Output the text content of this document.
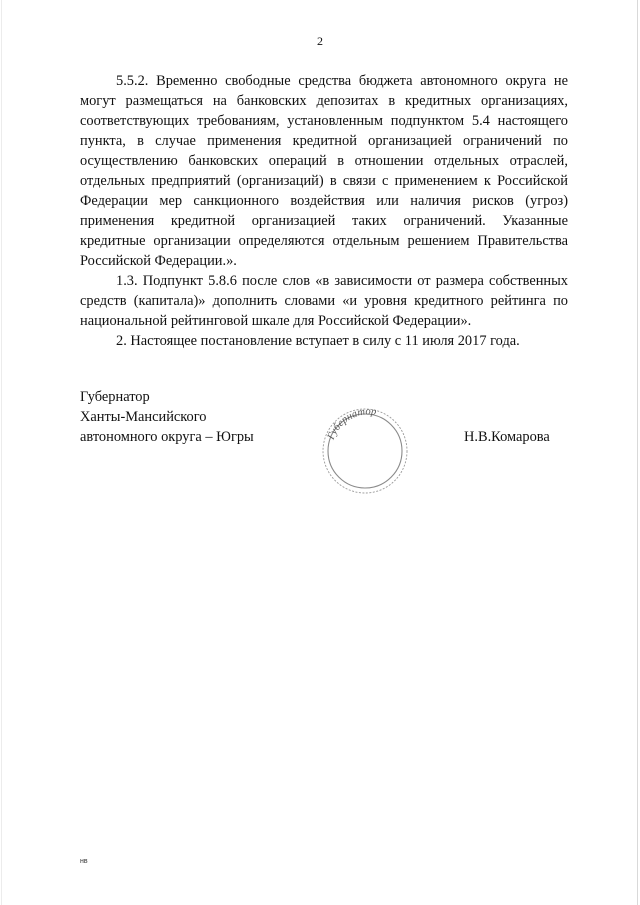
2

5.5.2. Временно свободные средства бюджета автономного округа не могут размещаться на банковских депозитах в кредитных организациях, соответствующих требованиям, установленным подпунктом 5.4 настоящего пункта, в случае применения кредитной организацией ограничений по осуществлению банковских операций в отношении отдельных отраслей, отдельных предприятий (организаций) в связи с применением к Российской Федерации мер санкционного воздействия или наличия рисков (угроз) применения кредитной организацией таких ограничений. Указанные кредитные организации определяются отдельным решением Правительства Российской Федерации.».

1.3. Подпункт 5.8.6 после слов «в зависимости от размера собственных средств (капитала)» дополнить словами «и уровня кредитного рейтинга по национальной рейтинговой шкале для Российской Федерации».

2. Настоящее постановление вступает в силу с 11 июля 2017 года.

Губернатор
Ханты-Мансийского
автономного округа – Югры	Губернатор
Н.В.Комарова
нв
